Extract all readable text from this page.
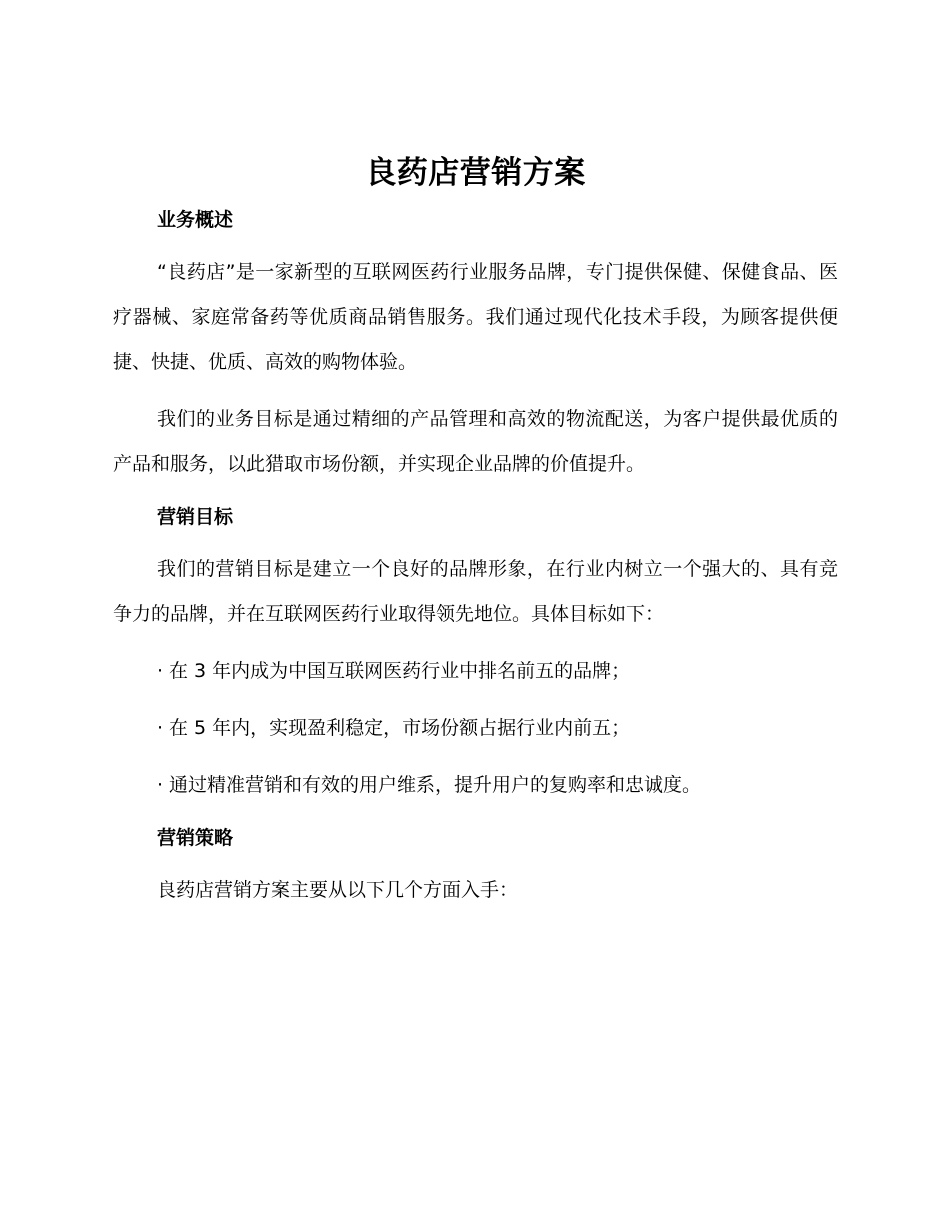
良药店营销方案
业务概述

“良药店”是一家新型的互联网医药行业服务品牌，专门提供保健、保健食品、医疗器械、家庭常备药等优质商品销售服务。我们通过现代化技术手段，为顾客提供便捷、快捷、优质、高效的购物体验。

我们的业务目标是通过精细的产品管理和高效的物流配送，为客户提供最优质的产品和服务，以此猎取市场份额，并实现企业品牌的价值提升。

营销目标

我们的营销目标是建立一个良好的品牌形象，在行业内树立一个强大的、具有竞争力的品牌，并在互联网医药行业取得领先地位。具体目标如下：

· 在 3 年内成为中国互联网医药行业中排名前五的品牌；
· 在 5 年内，实现盈利稳定，市场份额占据行业内前五；
· 通过精准营销和有效的用户维系，提升用户的复购率和忠诚度。
营销策略

良药店营销方案主要从以下几个方面入手：
